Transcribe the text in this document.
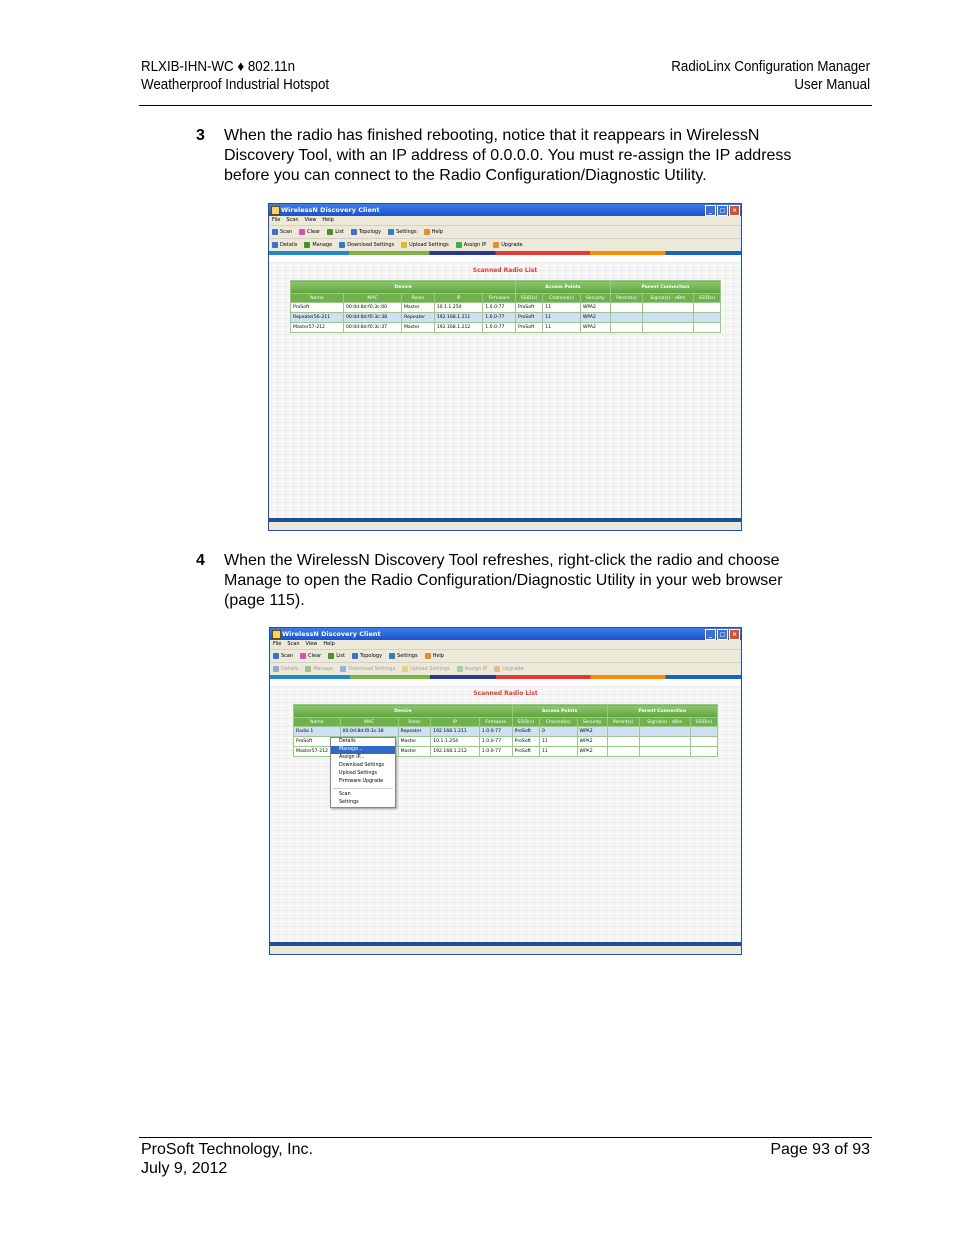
RLXIB-IHN-WC ♦ 802.11n
Weatherproof Industrial Hotspot
RadioLinx Configuration Manager
User Manual
3 When the radio has finished rebooting, notice that it reappears in WirelessN Discovery Tool, with an IP address of 0.0.0.0. You must re-assign the IP address before you can connect to the Radio Configuration/Diagnostic Utility.
WirelessN Discovery Client	_	□	×
File Scan View Help
Scan	Clear	List	Topology	Settings	Help
Details	Manage	Download Settings	Upload Settings	Assign IP	Upgrade
Scanned Radio List
Device					Access Points			Parent Connection		
Name	MAC	Roles	IP	Firmware	SSID(s)	Channel(s)	Security	Parent(s)	Signal(s) - dBm	SSID(s)
ProSoft	00:0d:8d:f0:3c:00	Master	10.1.1.254	1.0.0-77	ProSoft	11	WPA2			
Repeater56-211	00:0d:8d:f0:3c:38	Repeater	192.168.1.211	1.0.0-77	ProSoft	11	WPA2			
Master57-212	00:0d:8d:f0:3c:37	Master	192.168.1.212	1.0.0-77	ProSoft	11	WPA2			
4 When the WirelessN Discovery Tool refreshes, right-click the radio and choose Manage to open the Radio Configuration/Diagnostic Utility in your web browser (page 115).
WirelessN Discovery Client	_	□	×
File Scan View Help
Scan	Clear	List	Topology	Settings	Help
Details	Manage	Download Settings	Upload Settings	Assign IP	Upgrade
Scanned Radio List
Device					Access Points			Parent Connection		
Name	MAC	Roles	IP	Firmware	SSID(s)	Channel(s)	Security	Parent(s)	Signal(s) - dBm	SSID(s)
Radio 1	00:0d:8d:f0:3c:38	Repeater	192.168.1.211	1.0.0-77	ProSoft	0	WPA2			
ProSoft		Master	10.1.1.254	1.0.0-77	ProSoft	11	WPA2			
Master57-212		Master	192.168.1.212	1.0.0-77	ProSoft	11	WPA2			
Details
Manage...
Assign IP...
Download Settings
Upload Settings
Firmware Upgrade
Scan
Settings
ProSoft Technology, Inc.
July 9, 2012
Page 93 of 93
